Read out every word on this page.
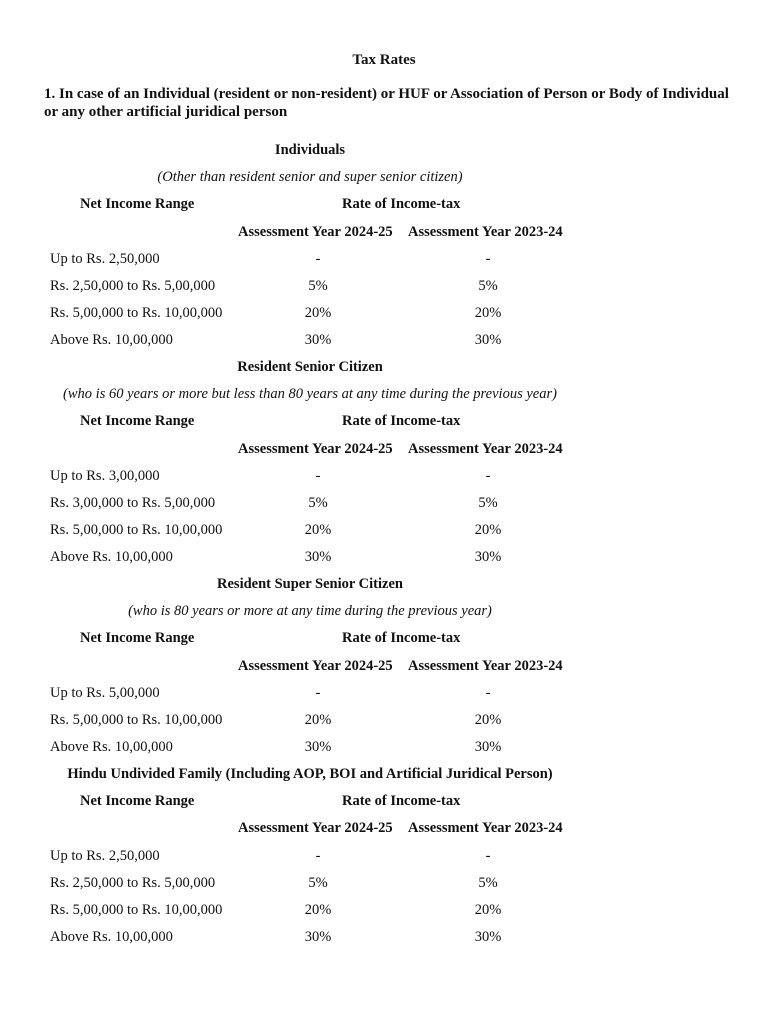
Tax Rates
1. In case of an Individual (resident or non-resident) or HUF or Association of Person or Body of Individual or any other artificial juridical person
Individuals
(Other than resident senior and super senior citizen)
Net Income Range	Rate of Income-tax
Assessment Year 2024-25 Assessment Year 2023-24
Up to Rs. 2,50,000	-	-
Rs. 2,50,000 to Rs. 5,00,000	5%	5%
Rs. 5,00,000 to Rs. 10,00,000	20%	20%
Above Rs. 10,00,000	30%	30%
Resident Senior Citizen
(who is 60 years or more but less than 80 years at any time during the previous year)
Net Income Range	Rate of Income-tax
Assessment Year 2024-25 Assessment Year 2023-24
Up to Rs. 3,00,000	-	-
Rs. 3,00,000 to Rs. 5,00,000	5%	5%
Rs. 5,00,000 to Rs. 10,00,000	20%	20%
Above Rs. 10,00,000	30%	30%
Resident Super Senior Citizen
(who is 80 years or more at any time during the previous year)
Net Income Range	Rate of Income-tax
Assessment Year 2024-25 Assessment Year 2023-24
Up to Rs. 5,00,000	-	-
Rs. 5,00,000 to Rs. 10,00,000	20%	20%
Above Rs. 10,00,000	30%	30%
Hindu Undivided Family (Including AOP, BOI and Artificial Juridical Person)
Net Income Range	Rate of Income-tax
Assessment Year 2024-25 Assessment Year 2023-24
Up to Rs. 2,50,000	-	-
Rs. 2,50,000 to Rs. 5,00,000	5%	5%
Rs. 5,00,000 to Rs. 10,00,000	20%	20%
Above Rs. 10,00,000	30%	30%
